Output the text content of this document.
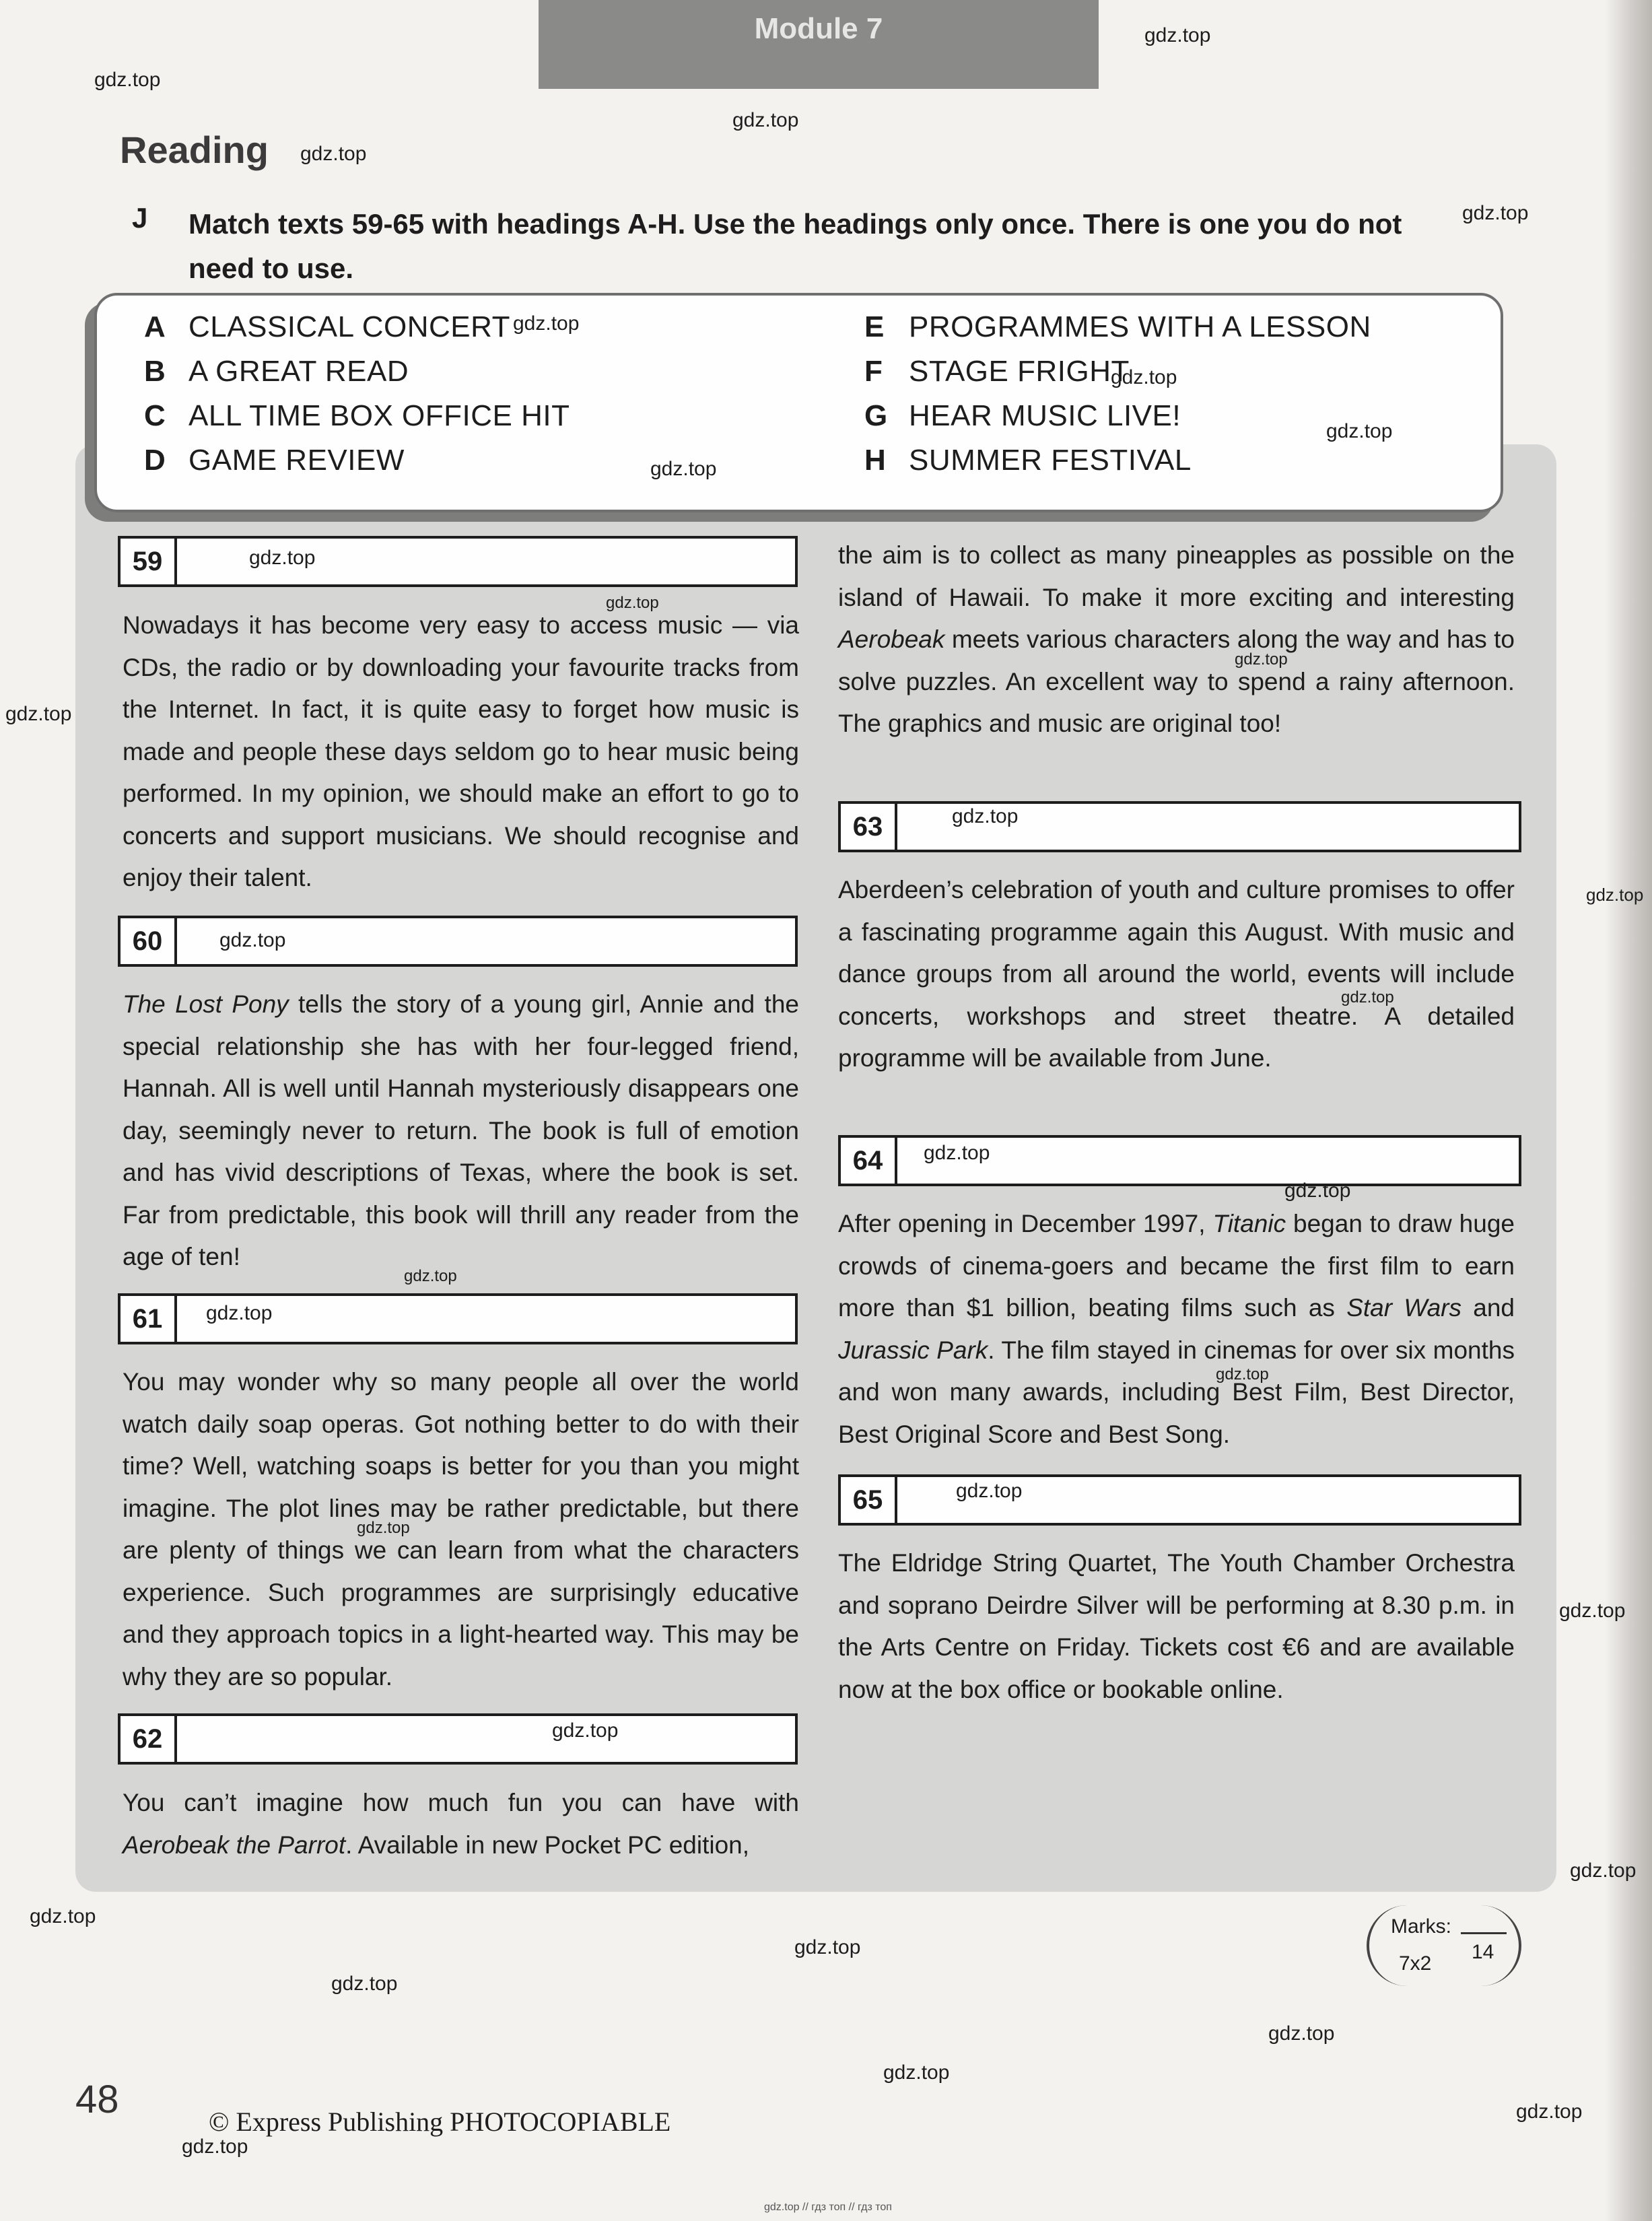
Module 7
Reading
J Match texts 59-65 with headings A-H. Use the headings only once. There is one you do not need to use.
A CLASSICAL CONCERT
B A GREAT READ
C ALL TIME BOX OFFICE HIT
D GAME REVIEW
E PROGRAMMES WITH A LESSON
F STAGE FRIGHT
G HEAR MUSIC LIVE!
H SUMMER FESTIVAL
59
Nowadays it has become very easy to access music — via CDs, the radio or by downloading your favourite tracks from the Internet. In fact, it is quite easy to forget how music is made and people these days seldom go to hear music being performed. In my opinion, we should make an effort to go to concerts and support musicians. We should recognise and enjoy their talent.
60
The Lost Pony tells the story of a young girl, Annie and the special relationship she has with her four-legged friend, Hannah. All is well until Hannah mysteriously disappears one day, seemingly never to return. The book is full of emotion and has vivid descriptions of Texas, where the book is set. Far from predictable, this book will thrill any reader from the age of ten!
61
You may wonder why so many people all over the world watch daily soap operas. Got nothing better to do with their time? Well, watching soaps is better for you than you might imagine. The plot lines may be rather predictable, but there are plenty of things we can learn from what the characters experience. Such programmes are surprisingly educative and they approach topics in a light-hearted way. This may be why they are so popular.
62
You can’t imagine how much fun you can have with Aerobeak the Parrot. Available in new Pocket PC edition,
the aim is to collect as many pineapples as possible on the island of Hawaii. To make it more exciting and interesting Aerobeak meets various characters along the way and has to solve puzzles. An excellent way to spend a rainy afternoon. The graphics and music are original too!
63
Aberdeen’s celebration of youth and culture promises to offer a fascinating programme again this August. With music and dance groups from all around the world, events will include concerts, workshops and street theatre. A detailed programme will be available from June.
64
After opening in December 1997, Titanic began to draw huge crowds of cinema-goers and became the first film to earn more than $1 billion, beating films such as Star Wars and Jurassic Park. The film stayed in cinemas for over six months and won many awards, including Best Film, Best Director, Best Original Score and Best Song.
65
The Eldridge String Quartet, The Youth Chamber Orchestra and soprano Deirdre Silver will be performing at 8.30 p.m. in the Arts Centre on Friday. Tickets cost €6 and are available now at the box office or bookable online.
Marks:
14
7x2
48
© Express Publishing PHOTOCOPIABLE
gdz.top
gdz.top
gdz.top
gdz.top
gdz.top
gdz.top
gdz.top
gdz.top
gdz.top
gdz.top
gdz.top
gdz.top
gdz.top
gdz.top
gdz.top
gdz.top
gdz.top
gdz.top
gdz.top
gdz.top
gdz.top
gdz.top
gdz.top
gdz.top
gdz.top
gdz.top
gdz.top
gdz.top
gdz.top
gdz.top
gdz.top
gdz.top
gdz.top
gdz.top
gdz.top // гдз топ // гдз топ
